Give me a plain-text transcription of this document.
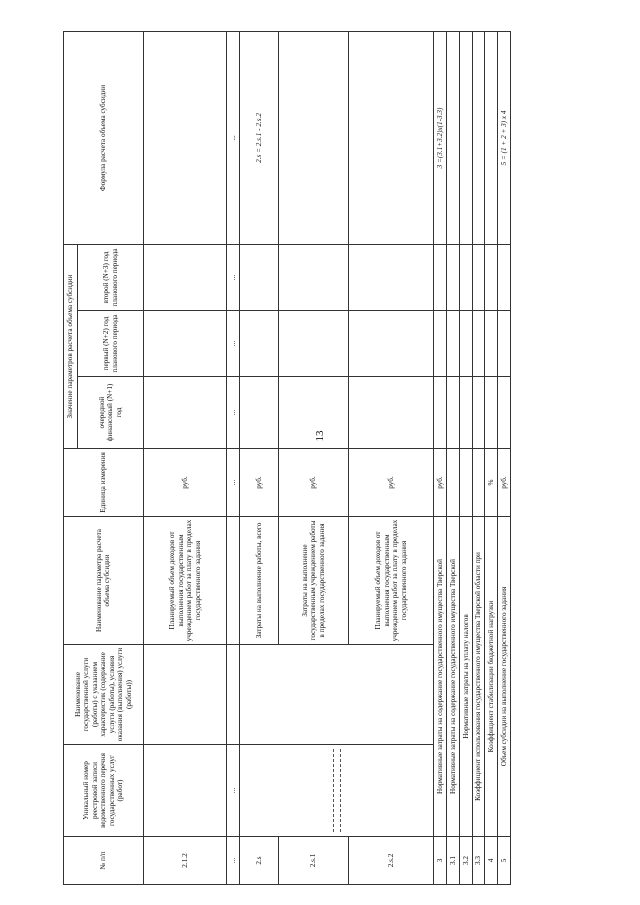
13
№ п/п	Уникальный номер реестровой записи ведомственного перечня государственных услуг (работ)	Наименование государственной услуги (работы) с указанием характеристик (содержание услуги (работы), условия оказания (выполнения) услуги (работы))	Наименование параметра расчета объема субсидии	Единица измерения	Значение параметров расчета объема субсидии			Формула расчета объема субсидии
					очередной финансовый (N+1) год	первый (N+2) год планового периода	второй (N+3) год планового периода	
2.1.2			Планируемый объем доходов от выполнения государственным учреждением работ за плату в пределах государственного задания	руб.				
...	...			...	...	...	...	...
2.s			Затраты на выполнение работы, всего	руб.				2.s = 2.s.1 - 2.s.2
2.s.1			Затраты на выполнение государственным учреждением работы в пределах государственного задания	руб.				
2.s.2			Планируемый объем доходов от выполнения государственным учреждением работ за плату в пределах государственного задания	руб.				
3	Нормативные затраты на содержание государственного имущества Тверской			руб.				3 =(3.1+3.2)x(1-3.3)
3.1	Нормативные затраты на содержание государственного имущества Тверской							
3.2	Нормативные затраты на уплату налогов							
3.3	Коэффициент использования государственного имущества Тверской области при							
4	Коэффициент стабилизации бюджетной нагрузки			%				
5	Объем субсидии на выполнение государственного задания			руб.				5 = (1 + 2 + 3) x 4
